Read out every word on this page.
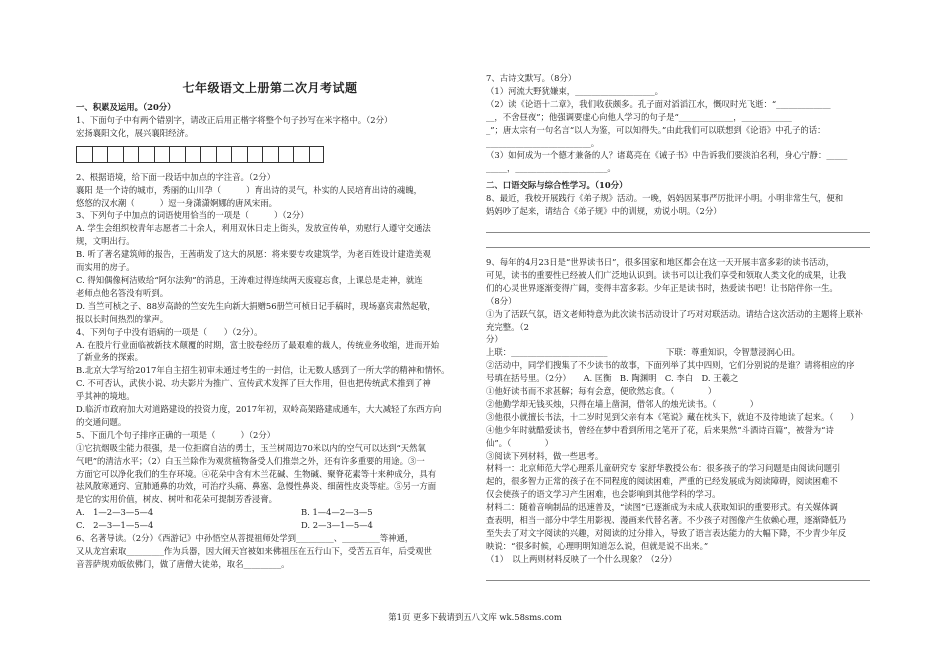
七年级语文上册第二次月考试题
一、积累及运用。（20分）
1、下面句子中有两个错别字，请改正后用正楷字将整个句子抄写在米字格中。（2分）
宏扬襄阳文化，展兴襄阳经济。
2、根据语境，给下面一段话中加点的字注音。（2分）
襄阳 是一个诗的城市，秀丽的山川孕（　　　）育出诗的灵气，朴实的人民培育出诗的魂魄，
悠悠的汉水潮（　　　）逗一身潇潇婀娜的唐风宋雨。
3、下列句子中加点的词语使用恰当的一项是（　　　）（2分）
A. 学生会组织校青年志愿者二十余人，利用双休日走上街头，发放宣传单，劝慰行人遵守交通法
规，文明出行。
B. 听了著名建筑师的报告，王茜萌发了这大的夙愿：将来要专攻建筑学，为老百姓设计建造美观
而实用的房子。
C. 得知偶像柯洁败给“阿尔法狗”的消息，王涛难过得连续两天废寝忘食，上课总是走神，就连
老师点他名答没有听到。
D. 当竺可桢之子、88岁高龄的竺安先生向新大捐赠56册竺可桢日记手稿时，现场嘉宾肃然起敬，
报以长时间热烈的掌声。
4、下列句子中没有语病的一项是（　　）（2分）。
A. 在股片行业面临被新技术颠覆的时期，富士胶卷经历了最艰难的裁人，传统业务收缩，进而开始
了新业务的探索。
B.北京大学写给2017年自主招生初审未通过考生的一封信，让无数人感到了一所大学的精神和情怀。
C. 不可否认，武侠小说、功夫影片为推广、宣传武术发挥了巨大作用，但也把传统武术推到了神
乎其神的境地。
D.临沂市政府加大对道路建设的投资力度，2017年初，双岭高架路建成通车，大大减轻了东西方向
的交通问题。
5、下面几个句子排序正确的一项是（　　　）（2分）
①它抗烟吸尘能力很强，是一位拒腐自洁的勇士，玉兰树周边70米以内的空气可以达到“天然氧
气吧”的清洁水平；（2）白玉兰除作为观赏植物备受人们推崇之外，还有许多重要的用途。③一
方面它可以净化我们的生存环境。④花朵中含有木兰花碱、生物碱、聚脊花素等十来种成分，具有
祛风散寒通窍、宣肺通鼻的功效，可治疗头痛、鼻塞、急慢性鼻炎、细菌性皮炎等症。⑤另一方面
是它的实用价值，树皮、树叶和花朵可提制芳香浸膏。
A.　1—2—3—5—4	B. 1—4—2—3—5
C.　2—3—1—5—4	D. 2—3—1—5—4
6、名著导读。（2分）《西游记》中孙悟空从菩提祖师处学到_________、_________等神通，
又从龙宫索取_________作为兵器，因大闹天宫被如来佛祖压在五行山下，受苦五百年，后受观世
音菩萨规劝皈依佛门，做了唐僧大徒弟，取名_________。
7、古诗文默写。（8分）
（1）河流大野犹嫌束，___________________。
（2）读《论语十二章》，我们收获颇多。孔子面对滔滔江水，慨叹时光飞逝：“_____________
__，不舍昼夜”；他强调要虚心向他人学习的句子是“_____________，____________
_”；唐太宗有一句名言“以人为鉴，可以知得失。”由此我们可以联想到《论语》中孔子的话：
_________________________。
（3）如何成为一个德才兼备的人？诸葛亮在《诫子书》中告诉我们要淡泊名利，身心宁静：_____
_____，______________________。
二、口语交际与综合性学习。（10分）
8、最近，我校开展践行《弟子规》活动。一晚，妈妈因某事严厉批评小明。小明非常生气，便和
妈妈吵了起来，请结合《弟子规》中的训规，劝说小明。（2分）
9、每年的4月23日是“世界读书日”，很多国家和地区都会在这一天开展丰富多彩的读书活动，
可见，读书的重要性已经被人们广泛地认识到。读书可以让我们享受和领取人类文化的成果，让我
们的心灵世界逐渐变得广阔，变得丰富多彩。少年正是读书时，热爱读书吧！让书陪伴你一生。
（8分）
①为了活跃气氛，语文老师特意为此次读书活动设计了巧对对联活动。请结合这次活动的主题将上联补充完整。（2
分）
上联：_______________________　　　　　　　下联：尊重知识，令智慧浸润心田。
②活动中，同学们搜集了不少读书的故事，下面列举了其中四则，它们分别说的是谁？请将相应的序
号填在括号里。（2分）　　A. 匡衡　B. 陶渊明　C. 李白　D. 王羲之
①他好读书而不求甚解；每有会意，便欣然忘食。（　　　　）
②他勤学却无钱买烛，只得在墙上凿洞，借邻人的烛光读书。（　　　　）
③他很小就擅长书法，十二岁时见到父亲有本《笔说》藏在枕头下，就迫不及待地读了起来。（　　）
④他少年时就酷爱读书，曾经在梦中看到所用之笔开了花，后来果然“斗酒诗百篇”，被誉为“诗
仙”。（　　　　）
③阅读下列材料，做一些思考。
材料一：北京师范大学心理系儿童研究专 家舒华教授公布：很多孩子的学习问题是由阅读问题引
起的，很多智力正常的孩子在不同程度的阅读困难，严重的已经发展成为阅读障碍，阅读困难不
仅会使孩子的语文学习产生困难，也会影响到其他学科的学习。
材料二：随着音响制品的迅速普及，“读图”已逐渐成为未成人获取知识的重要形式。有关媒体调
查表明，相当一部分中学生用影视、漫画来代替名著。不少孩子对图像产生依赖心理，逐渐降低乃
至失去了对文字阅读的兴趣，对阅读的过分排入，导致了语言表达能力的大幅下降，不少青少年反
映说：“很多时候，心理明明知道怎么说，但就是说不出来。”
（1）　以上两则材料反映了一个什么现象？（2分）
第1页 更多下载请到五八文库 wk.58sms.com
